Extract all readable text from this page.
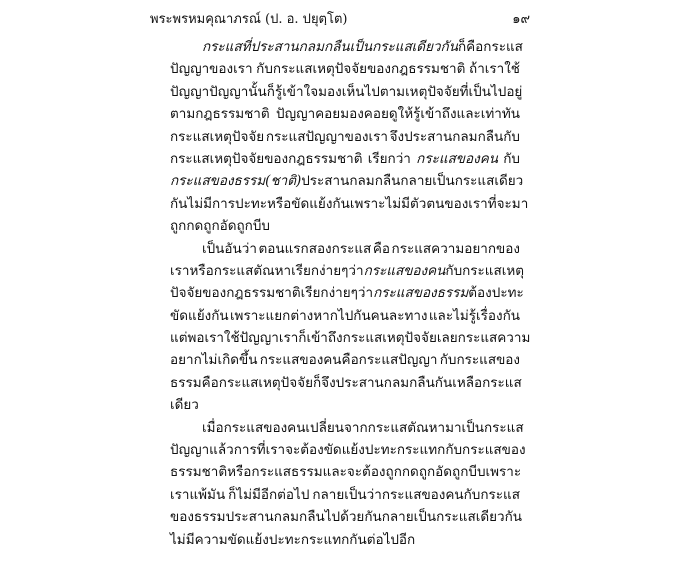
พระพรหมคุณาภรณ์ (ป. อ. ปยุตฺโต)	๑๙
กระแสที่ประสานกลมกลืนเป็นกระแสเดียวกัน ก็คือ กระแส
ปัญญาของเรา กับกระแสเหตุปัจจัยของกฎธรรมชาติ ถ้าเราใช้
ปัญญา ปัญญานั้นก็รู้เข้าใจมองเห็นไปตามเหตุปัจจัยที่เป็นไปอยู่
ตามกฎธรรมชาติ ปัญญาคอยมองคอยดูให้รู้เข้าถึงและเท่าทัน
กระแสเหตุปัจจัย กระแสปัญญาของเรา จึงประสานกลมกลืนกับ
กระแสเหตุปัจจัยของกฎธรรมชาติ เรียกว่า กระแสของคน กับ
กระแสของธรรม(ชาติ) ประสานกลมกลืน กลายเป็นกระแสเดียว
กัน ไม่มีการปะทะหรือขัดแย้งกัน เพราะไม่มีตัวตนของเราที่จะมา
ถูกกดถูกอัดถูกบีบ
เป็นอันว่า ตอนแรกสองกระแส คือ กระแสความอยากของ
เรา หรือกระแสตัณหา เรียกง่ายๆ ว่า กระแสของคน กับกระแสเหตุ
ปัจจัยของกฎธรรมชาติ เรียกง่ายๆ ว่า กระแสของธรรม ต้องปะทะ
ขัดแย้งกัน เพราะแยกต่างหากไปกันคนละทาง และไม่รู้เรื่องกัน
แต่พอเราใช้ปัญญา เราก็เข้าถึงกระแสเหตุปัจจัยเลย กระแสความ
อยากไม่เกิดขึ้น กระแสของคนคือกระแสปัญญา กับกระแสของ
ธรรมคือกระแสเหตุปัจจัย ก็จึงประสานกลมกลืนกันเหลือกระแส
เดียว
เมื่อกระแสของคนเปลี่ยนจากกระแสตัณหา มาเป็นกระแส
ปัญญาแล้ว การที่เราจะต้องขัดแย้งปะทะกระแทกกับกระแสของ
ธรรมชาติ หรือกระแสธรรม และจะต้องถูกกดถูกอัดถูกบีบ เพราะ
เราแพ้มัน ก็ไม่มีอีกต่อไป กลายเป็นว่ากระแสของคนกับกระแส
ของธรรมประสานกลมกลืนไปด้วยกัน กลายเป็นกระแสเดียวกัน
ไม่มีความขัดแย้งปะทะกระแทกกันต่อไปอีก
